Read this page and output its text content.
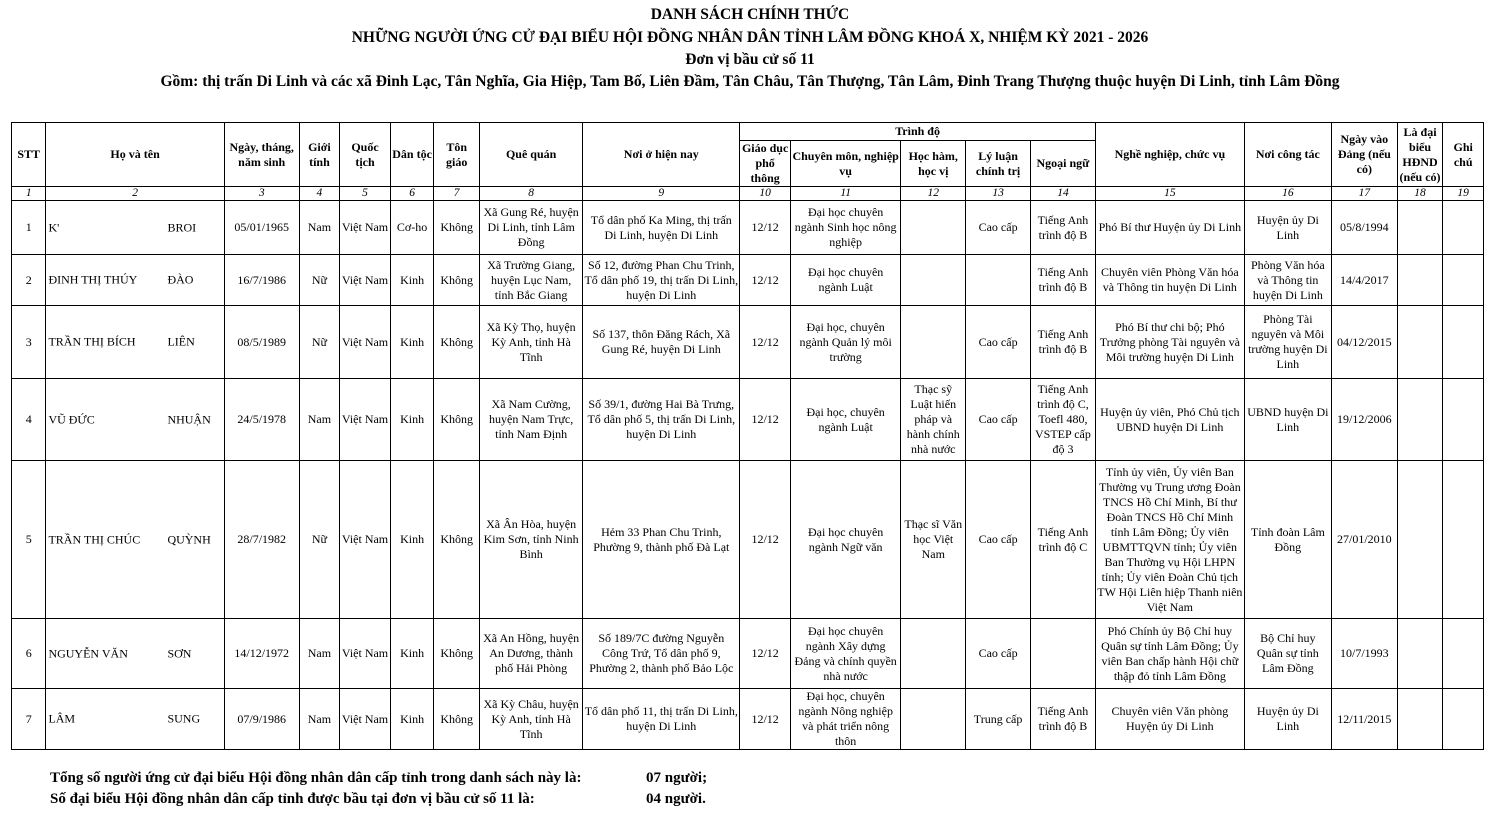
DANH SÁCH CHÍNH THỨC
NHỮNG NGƯỜI ỨNG CỬ ĐẠI BIỂU HỘI ĐỒNG NHÂN DÂN TỈNH LÂM ĐỒNG KHOÁ X, NHIỆM KỲ 2021 - 2026
Đơn vị bầu cử số 11
Gồm: thị trấn Di Linh và các xã Đinh Lạc, Tân Nghĩa, Gia Hiệp, Tam Bố, Liên Đầm, Tân Châu, Tân Thượng, Tân Lâm, Đinh Trang Thượng thuộc huyện Di Linh, tỉnh Lâm Đồng
STT	Họ và tên	Ngày, tháng, năm sinh	Giới tính	Quốc tịch	Dân tộc	Tôn giáo	Quê quán	Nơi ở hiện nay	Trình độ					Nghề nghiệp, chức vụ	Nơi công tác	Ngày vào Đảng (nếu có)	Là đại biểu HĐND (nếu có)	Ghi chú
									Giáo dục phổ thông	Chuyên môn, nghiệp vụ	Học hàm, học vị	Lý luận chính trị	Ngoại ngữ					
1	2	3	4	5	6	7	8	9	10	11	12	13	14	15	16	17	18	19
1	K' BROI	05/01/1965	Nam	Việt Nam	Cơ-ho	Không	Xã Gung Ré, huyện Di Linh, tỉnh Lâm Đồng	Tổ dân phố Ka Ming, thị trấn Di Linh, huyện Di Linh	12/12	Đại học chuyên ngành Sinh học nông nghiệp		Cao cấp	Tiếng Anh trình độ B	Phó Bí thư Huyện ủy Di Linh	Huyện ủy Di Linh	05/8/1994		

2	ĐINH THỊ THÚY ĐÀO	16/7/1986	Nữ	Việt Nam	Kinh	Không	Xã Trường Giang, huyện Lục Nam, tỉnh Bắc Giang	Số 12, đường Phan Chu Trinh, Tổ dân phố 19, thị trấn Di Linh, huyện Di Linh	12/12	Đại học chuyên ngành Luật			Tiếng Anh trình độ B	Chuyên viên Phòng Văn hóa và Thông tin huyện Di Linh	Phòng Văn hóa và Thông tin huyện Di Linh	14/4/2017		

3	TRẦN THỊ BÍCH LIÊN	08/5/1989	Nữ	Việt Nam	Kinh	Không	Xã Kỳ Thọ, huyện Kỳ Anh, tỉnh Hà Tĩnh	Số 137, thôn Đăng Rách, Xã Gung Ré, huyện Di Linh	12/12	Đại học, chuyên ngành Quản lý môi trường		Cao cấp	Tiếng Anh trình độ B	Phó Bí thư chi bộ; Phó Trưởng phòng Tài nguyên và Môi trường huyện Di Linh	Phòng Tài nguyên và Môi trường huyện Di Linh	04/12/2015		

4	VŨ ĐỨC NHUẬN	24/5/1978	Nam	Việt Nam	Kinh	Không	Xã Nam Cường, huyện Nam Trực, tỉnh Nam Định	Số 39/1, đường Hai Bà Trưng, Tổ dân phố 5, thị trấn Di Linh, huyện Di Linh	12/12	Đại học, chuyên ngành Luật	Thạc sỹ Luật hiến pháp và hành chính nhà nước	Cao cấp	Tiếng Anh trình độ C, Toefl 480, VSTEP cấp độ 3	Huyện ủy viên, Phó Chủ tịch UBND huyện Di Linh	UBND huyện Di Linh	19/12/2006		

5	TRẦN THỊ CHÚC QUỲNH	28/7/1982	Nữ	Việt Nam	Kinh	Không	Xã Ân Hòa, huyện Kim Sơn, tỉnh Ninh Bình	Hẻm 33 Phan Chu Trinh, Phường 9, thành phố Đà Lạt	12/12	Đại học chuyên ngành Ngữ văn	Thạc sĩ Văn học Việt Nam	Cao cấp	Tiếng Anh trình độ C	Tỉnh ủy viên, Ủy viên Ban Thường vụ Trung ương Đoàn TNCS Hồ Chí Minh, Bí thư Đoàn TNCS Hồ Chí Minh tỉnh Lâm Đồng; Ủy viên UBMTTQVN tỉnh; Ủy viên Ban Thường vụ Hội LHPN tỉnh; Ủy viên Đoàn Chủ tịch TW Hội Liên hiệp Thanh niên Việt Nam	Tỉnh đoàn Lâm Đồng	27/01/2010		

6	NGUYỄN VĂN SƠN	14/12/1972	Nam	Việt Nam	Kinh	Không	Xã An Hồng, huyện An Dương, thành phố Hải Phòng	Số 189/7C đường Nguyễn Công Trứ, Tổ dân phố 9, Phường 2, thành phố Bảo Lộc	12/12	Đại học chuyên ngành Xây dựng Đảng và chính quyền nhà nước		Cao cấp		Phó Chính ủy Bộ Chỉ huy Quân sự tỉnh Lâm Đồng; Ủy viên Ban chấp hành Hội chữ thập đỏ tỉnh Lâm Đồng	Bộ Chỉ huy Quân sự tỉnh Lâm Đồng	10/7/1993		

7	LÂM SUNG	07/9/1986	Nam	Việt Nam	Kinh	Không	Xã Kỳ Châu, huyện Kỳ Anh, tỉnh Hà Tĩnh	Tổ dân phố 11, thị trấn Di Linh, huyện Di Linh	12/12	Đại học, chuyên ngành Nông nghiệp và phát triển nông thôn		Trung cấp	Tiếng Anh trình độ B	Chuyên viên Văn phòng Huyện ủy Di Linh	Huyện ủy Di Linh	12/11/2015		

Tổng số người ứng cử đại biểu Hội đồng nhân dân cấp tỉnh trong danh sách này là:	07 người;
Số đại biểu Hội đồng nhân dân cấp tỉnh được bầu tại đơn vị bầu cử số 11 là:	04 người.
